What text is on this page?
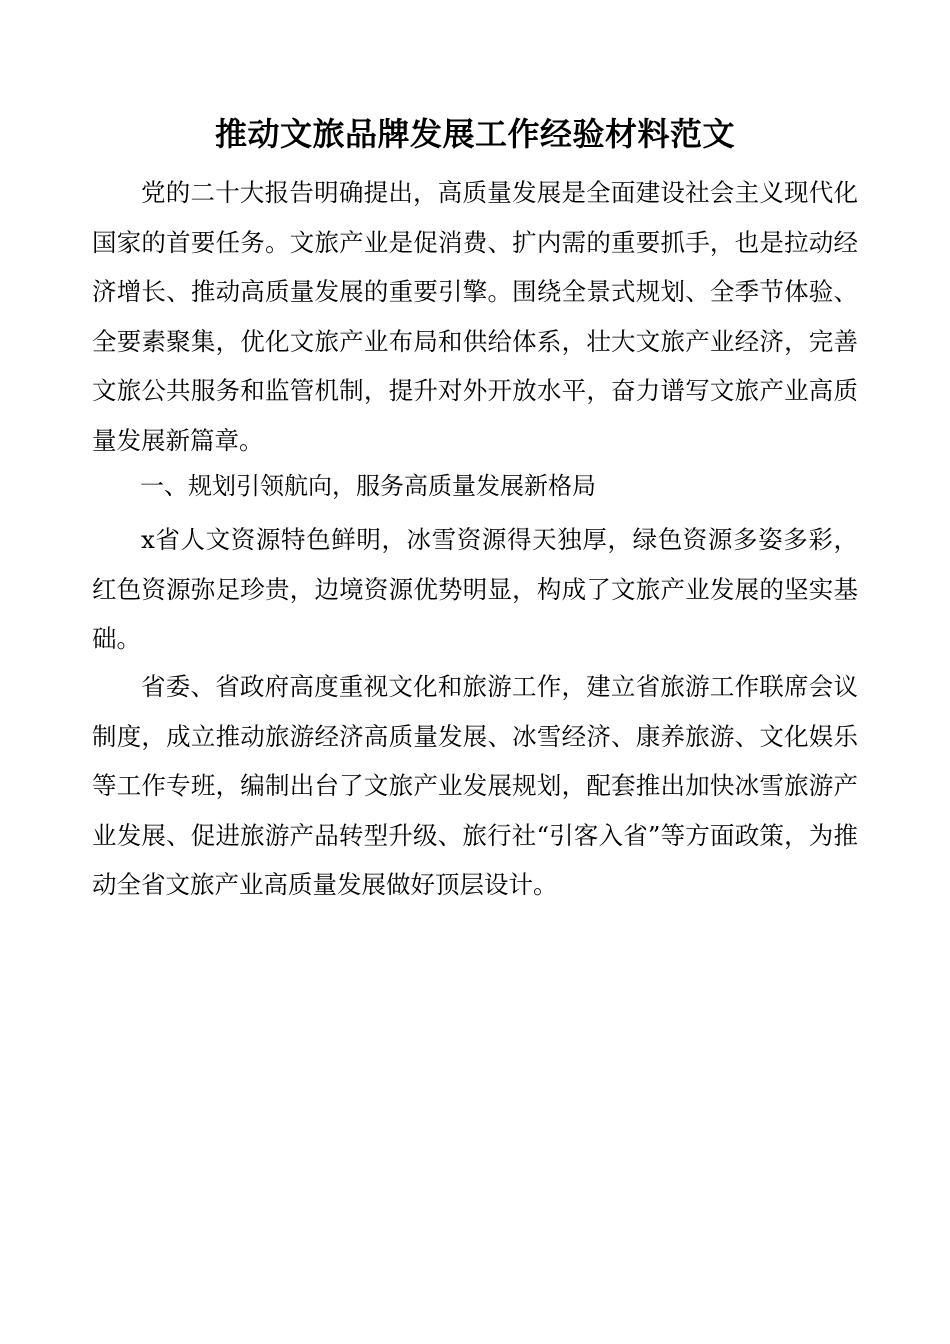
推动文旅品牌发展工作经验材料范文

党的二十大报告明确提出，高质量发展是全面建设社会主义现代化国家的首要任务。文旅产业是促消费、扩内需的重要抓手，也是拉动经济增长、推动高质量发展的重要引擎。围绕全景式规划、全季节体验、全要素聚集，优化文旅产业布局和供给体系，壮大文旅产业经济，完善文旅公共服务和监管机制，提升对外开放水平，奋力谱写文旅产业高质量发展新篇章。

一、规划引领航向，服务高质量发展新格局

x省人文资源特色鲜明，冰雪资源得天独厚，绿色资源多姿多彩，红色资源弥足珍贵，边境资源优势明显，构成了文旅产业发展的坚实基础。

省委、省政府高度重视文化和旅游工作，建立省旅游工作联席会议制度，成立推动旅游经济高质量发展、冰雪经济、康养旅游、文化娱乐等工作专班，编制出台了文旅产业发展规划，配套推出加快冰雪旅游产业发展、促进旅游产品转型升级、旅行社“引客入省”等方面政策，为推动全省文旅产业高质量发展做好顶层设计。
